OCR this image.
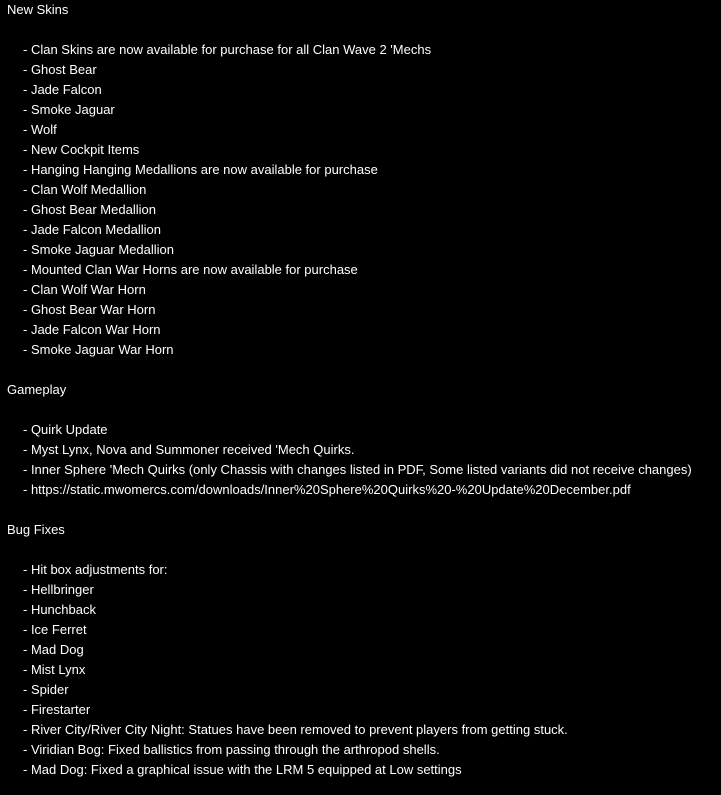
New Skins
- Clan Skins are now available for purchase for all Clan Wave 2 'Mechs
- Ghost Bear
- Jade Falcon
- Smoke Jaguar
- Wolf
- New Cockpit Items
- Hanging Hanging Medallions are now available for purchase
- Clan Wolf Medallion
- Ghost Bear Medallion
- Jade Falcon Medallion
- Smoke Jaguar Medallion
- Mounted Clan War Horns are now available for purchase
- Clan Wolf War Horn
- Ghost Bear War Horn
- Jade Falcon War Horn
- Smoke Jaguar War Horn
Gameplay
- Quirk Update
- Myst Lynx, Nova and Summoner received 'Mech Quirks.
- Inner Sphere 'Mech Quirks (only Chassis with changes listed in PDF, Some listed variants did not receive changes)
- https://static.mwomercs.com/downloads/Inner%20Sphere%20Quirks%20-%20Update%20December.pdf
Bug Fixes
- Hit box adjustments for:
- Hellbringer
- Hunchback
- Ice Ferret
- Mad Dog
- Mist Lynx
- Spider
- Firestarter
- River City/River City Night: Statues have been removed to prevent players from getting stuck.
- Viridian Bog: Fixed ballistics from passing through the arthropod shells.
- Mad Dog: Fixed a graphical issue with the LRM 5 equipped at Low settings
